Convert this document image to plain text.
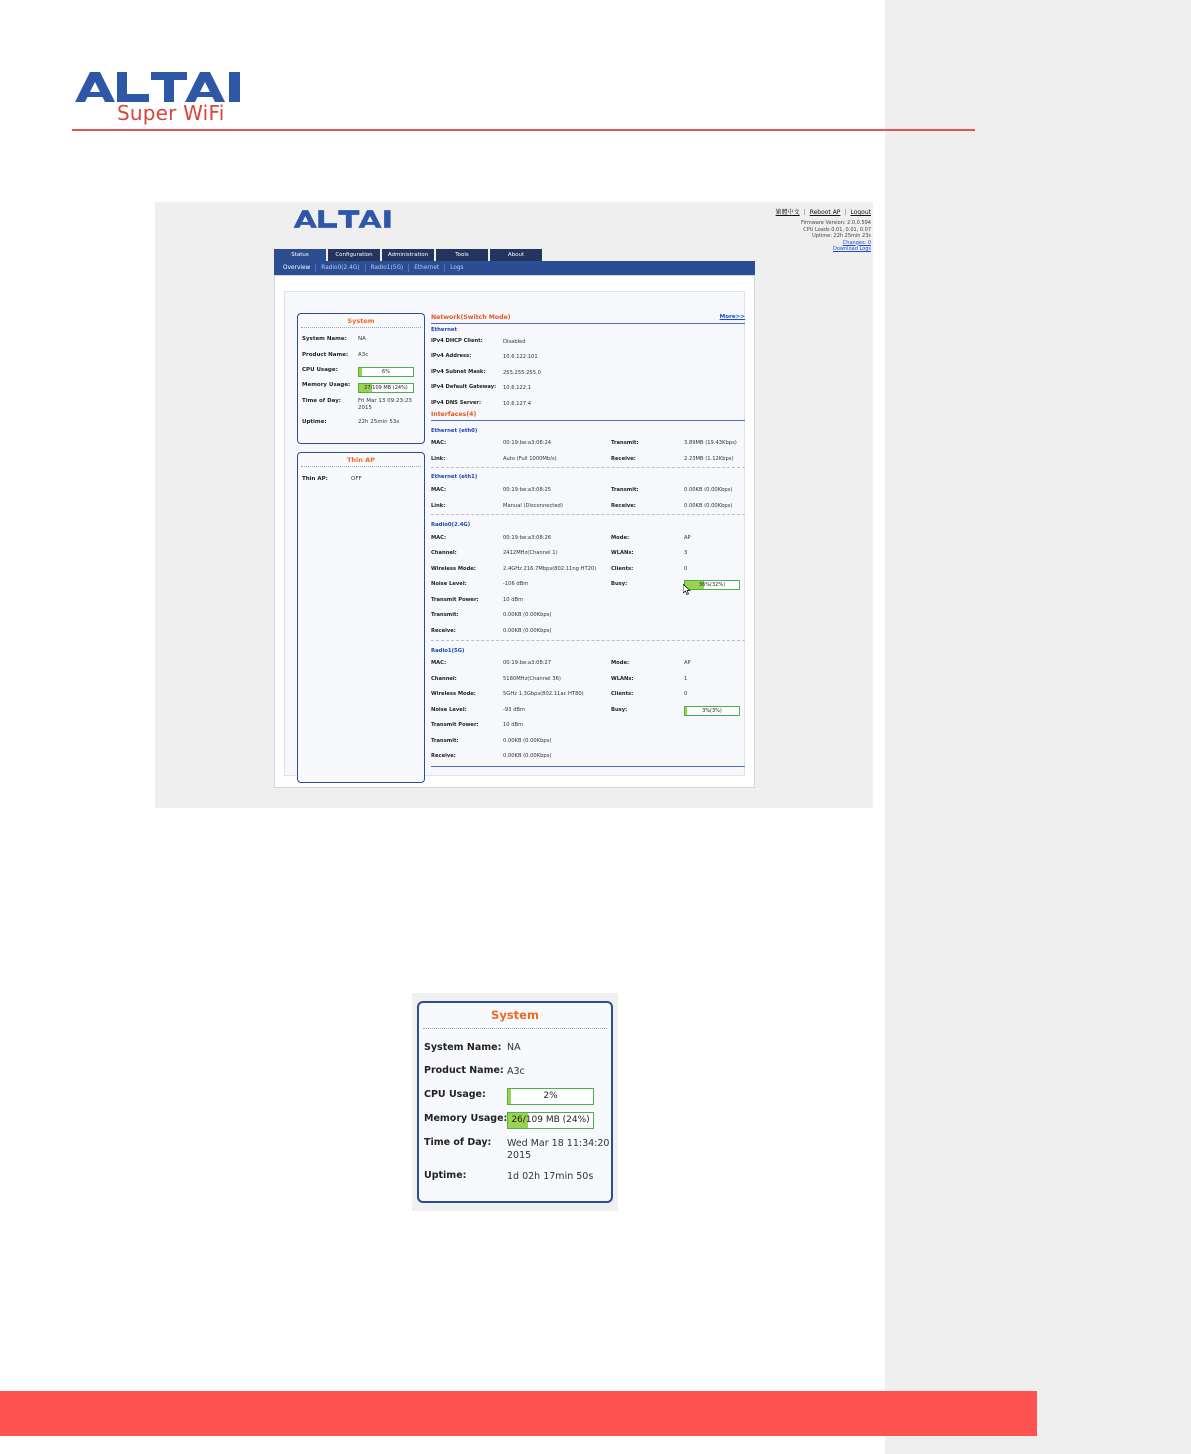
Super WiFi
繁體中文 | Reboot AP | Logout
Firmware Version: 2.0.0.594
CPU Loads 0.01, 0.01, 0.07
Uptime: 22h 25min 23s
Changes: 0
Download Logs
Status	Configuration	Administration	Tools	About
Overview	Radio0(2.4G)	Radio1(5G)	Ethernet	Logs
System
System Name: NA
Product Name: A3c
CPU Usage:	6%
Memory Usage:	27/109 MB (24%)
Time of Day:	Fri Mar 13 09:23:23
2015
Uptime:	22h 25min 53s
Thin AP
Thin AP:	OFF
Network(Switch Mode)	More>>
Ethernet
IPv4 DHCP Client:	Disabled
IPv4 Address:	10.6.122.101
IPv4 Subnet Mask:	255.255.255.0
IPv4 Default Gateway: 10.6.122.1
IPv4 DNS Server:	10.6.127.4
Interfaces(4)
Ethernet (eth0)
MAC:	00:19:be:a3:08:24	Transmit:	3.89MB (19.43Kbps)
Link:	Auto (Full 1000Mb/s)	Receive:	2.23MB (1.12Kbps)
Ethernet (eth1)
MAC:	00:19:be:a3:08:25	Transmit:	0.00KB (0.00Kbps)
Link:	Manual (Disconnected)	Receive:	0.00KB (0.00Kbps)
Radio0(2.4G)
MAC:	00:19:be:a3:08:26	Mode:	AP
Channel:	2412MHz(Channel 1)	WLANs:	3
Wireless Mode:	2.4GHz 216.7Mbps(802.11ng HT20)	Clients:	0
Noise Level:	-106 dBm	Busy:	36%(32%)
Transmit Power:	10 dBm
Transmit:	0.00KB (0.00Kbps)
Receive:	0.00KB (0.00Kbps)
Radio1(5G)
MAC:	00:19:be:a3:08:27	Mode:	AP
Channel:	5180MHz(Channel 36)	WLANs:	1
Wireless Mode:	5GHz 1.3Gbps(802.11ac HT80)	Clients:	0
Noise Level:	-93 dBm	Busy:	3%(3%)
Transmit Power:	10 dBm
Transmit:	0.00KB (0.00Kbps)
Receive:	0.00KB (0.00Kbps)
System
System Name: NA
Product Name: A3c
CPU Usage:	2%
Memory Usage: 26/109 MB (24%)
Time of Day: Wed Mar 18 11:34:20
2015
Uptime:	1d 02h 17min 50s
